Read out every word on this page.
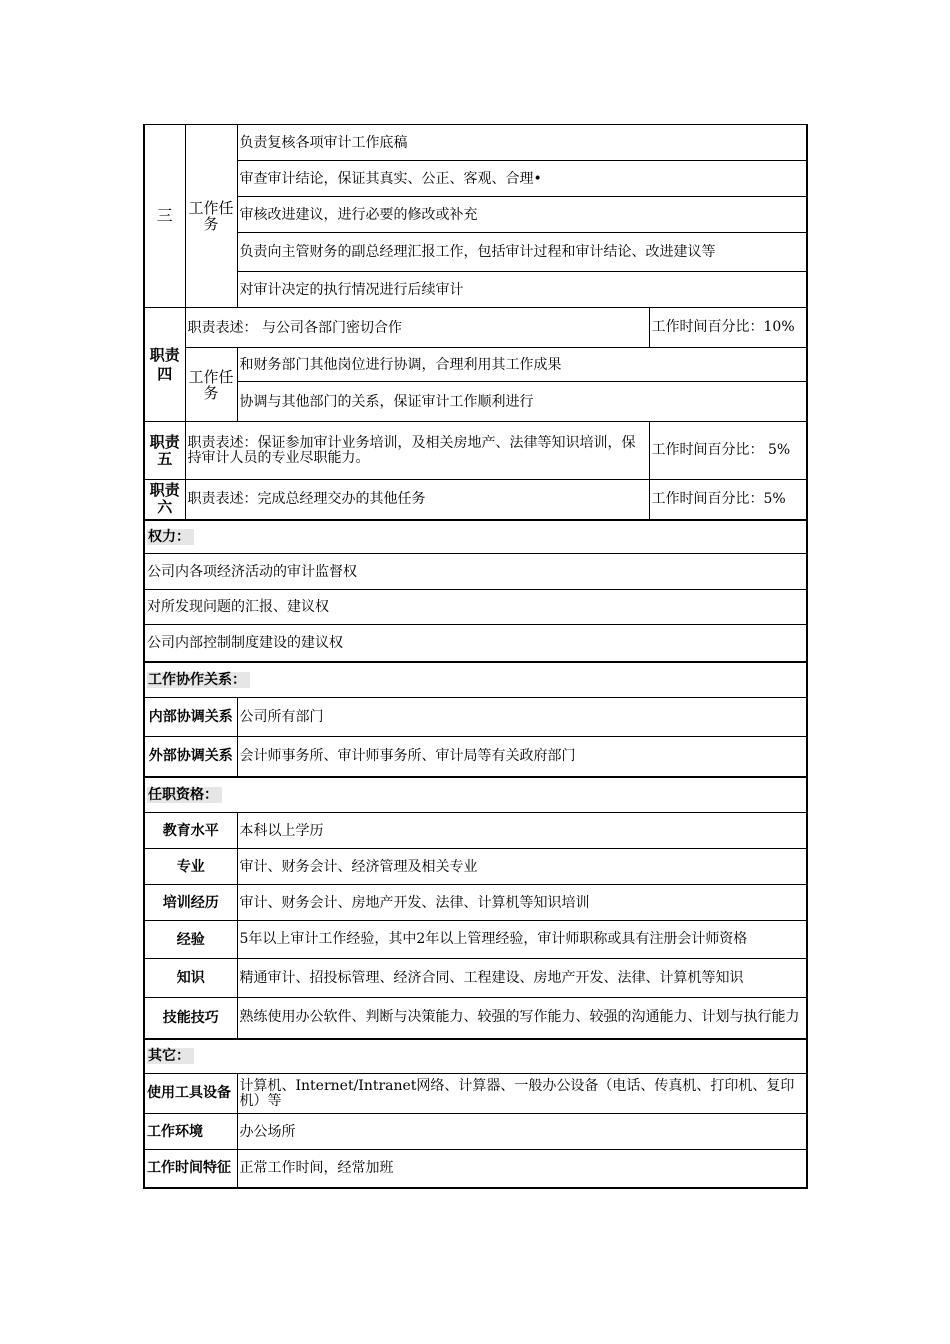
三	工作任务	负责复核各项审计工作底稿	
		审查审计结论，保证其真实、公正、客观、合理•	
		审核改进建议，进行必要的修改或补充	
		负责向主管财务的副总经理汇报工作，包括审计过程和审计结论、改进建议等	
		对审计决定的执行情况进行后续审计	
职责四	职责表述： 与公司各部门密切合作		工作时间百分比：10%
	工作任务	和财务部门其他岗位进行协调，合理利用其工作成果	
		协调与其他部门的关系，保证审计工作顺利进行	
职责五	职责表述：保证参加审计业务培训，及相关房地产、法律等知识培训，保持审计人员的专业尽职能力。		工作时间百分比： 5%
职责六	职责表述：完成总经理交办的其他任务		工作时间百分比：5%
权力：			
公司内各项经济活动的审计监督权			
对所发现问题的汇报、建议权			
公司内部控制制度建设的建议权			
工作协作关系：			
内部协调关系		公司所有部门	
外部协调关系		会计师事务所、审计师事务所、审计局等有关政府部门	
任职资格：			
教育水平		本科以上学历	
专业		审计、财务会计、经济管理及相关专业	
培训经历		审计、财务会计、房地产开发、法律、计算机等知识培训	
经验		5年以上审计工作经验，其中2年以上管理经验，审计师职称或具有注册会计师资格	
知识		精通审计、招投标管理、经济合同、工程建设、房地产开发、法律、计算机等知识	
技能技巧		熟练使用办公软件、判断与决策能力、较强的写作能力、较强的沟通能力、计划与执行能力	
其它：			
使用工具设备		计算机、Internet/Intranet网络、计算器、一般办公设备（电话、传真机、打印机、复印机）等	
工作环境		办公场所	
工作时间特征		正常工作时间，经常加班	
